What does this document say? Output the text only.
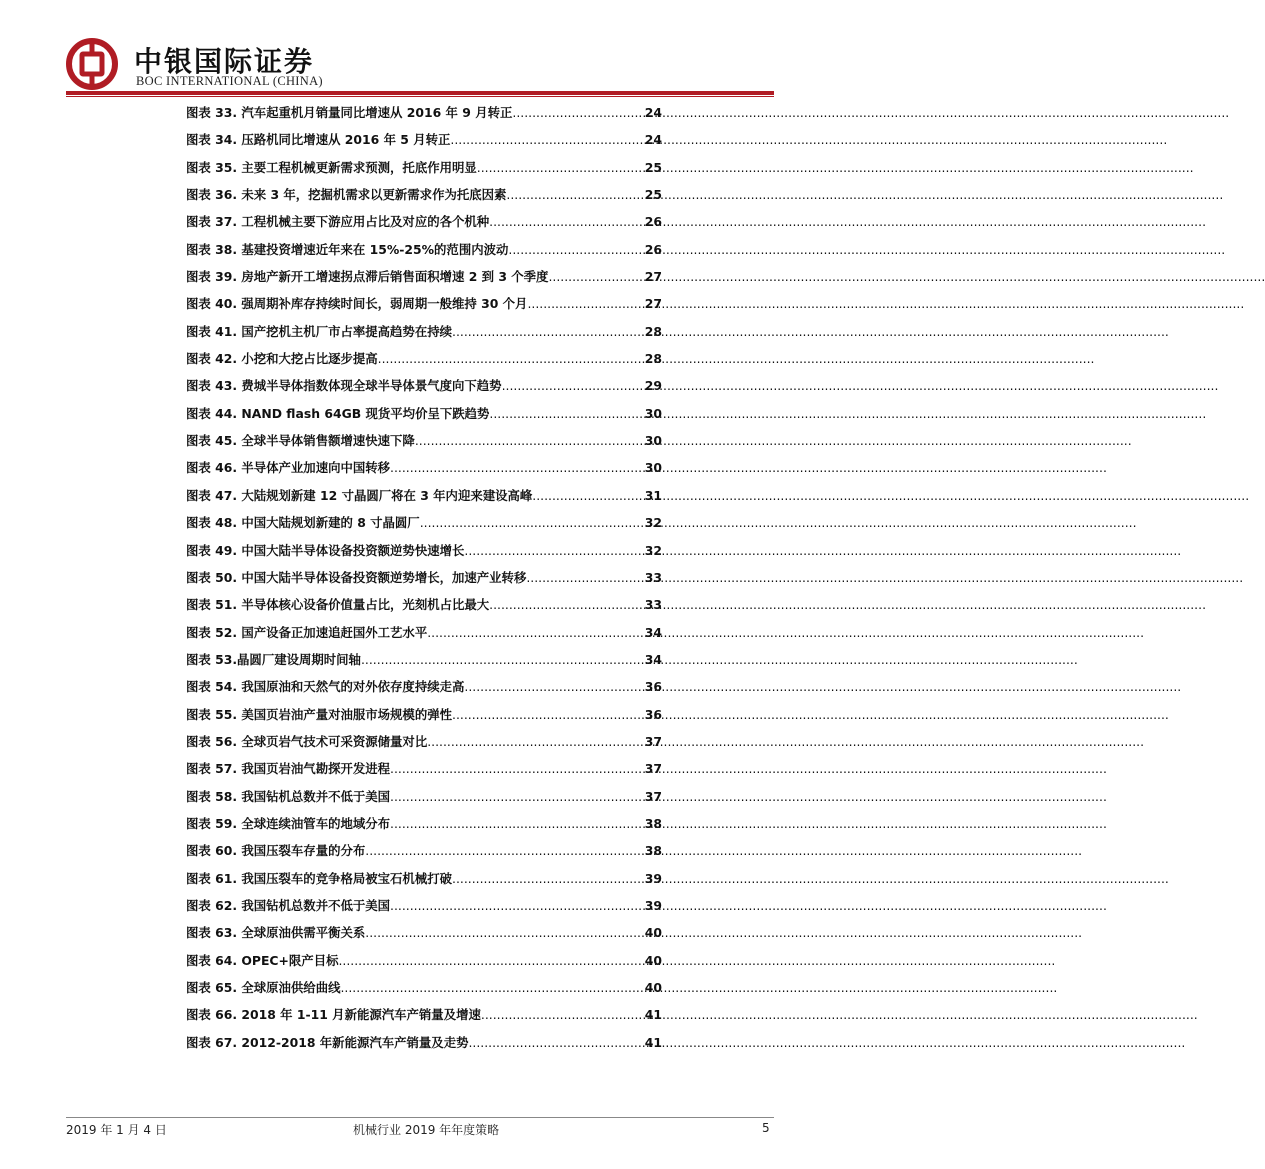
中银国际证券
BOC INTERNATIONAL (CHINA)
图表 33. 汽车起重机月销量同比增速从 2016 年 9 月转正 .....	24
图表 34. 压路机同比增速从 2016 年 5 月转正 .....	24
图表 35. 主要工程机械更新需求预测，托底作用明显 .....	25
图表 36. 未来 3 年，挖掘机需求以更新需求作为托底因素 .....	25
图表 37. 工程机械主要下游应用占比及对应的各个机种 .....	26
图表 38. 基建投资增速近年来在 15%-25%的范围内波动 .....	26
图表 39. 房地产新开工增速拐点滞后销售面积增速 2 到 3 个季度 .....	27
图表 40. 强周期补库存持续时间长，弱周期一般维持 30 个月 .....	27
图表 41. 国产挖机主机厂市占率提高趋势在持续 .....	28
图表 42. 小挖和大挖占比逐步提高 .....	28
图表 43. 费城半导体指数体现全球半导体景气度向下趋势 .....	29
图表 44. NAND flash 64GB 现货平均价呈下跌趋势 .....	30
图表 45. 全球半导体销售额增速快速下降 .....	30
图表 46. 半导体产业加速向中国转移 .....	30
图表 47. 大陆规划新建 12 寸晶圆厂将在 3 年内迎来建设高峰 .....	31
图表 48. 中国大陆规划新建的 8 寸晶圆厂 .....	32
图表 49. 中国大陆半导体设备投资额逆势快速增长 .....	32
图表 50. 中国大陆半导体设备投资额逆势增长，加速产业转移 .....	33
图表 51. 半导体核心设备价值量占比，光刻机占比最大 .....	33
图表 52. 国产设备正加速追赶国外工艺水平 .....	34
图表 53.晶圆厂建设周期时间轴 .....	34
图表 54. 我国原油和天然气的对外依存度持续走高 .....	36
图表 55. 美国页岩油产量对油服市场规模的弹性 .....	36
图表 56. 全球页岩气技术可采资源储量对比 .....	37
图表 57. 我国页岩油气勘探开发进程 .....	37
图表 58. 我国钻机总数并不低于美国 .....	37
图表 59. 全球连续油管车的地域分布 .....	38
图表 60. 我国压裂车存量的分布 .....	38
图表 61. 我国压裂车的竞争格局被宝石机械打破 .....	39
图表 62. 我国钻机总数并不低于美国 .....	39
图表 63. 全球原油供需平衡关系 .....	40
图表 64. OPEC+限产目标 .....	40
图表 65. 全球原油供给曲线 .....	40
图表 66. 2018 年 1-11 月新能源汽车产销量及增速 .....	41
图表 67. 2012-2018 年新能源汽车产销量及走势 .....	41
2019 年 1 月 4 日	机械行业 2019 年年度策略	5
